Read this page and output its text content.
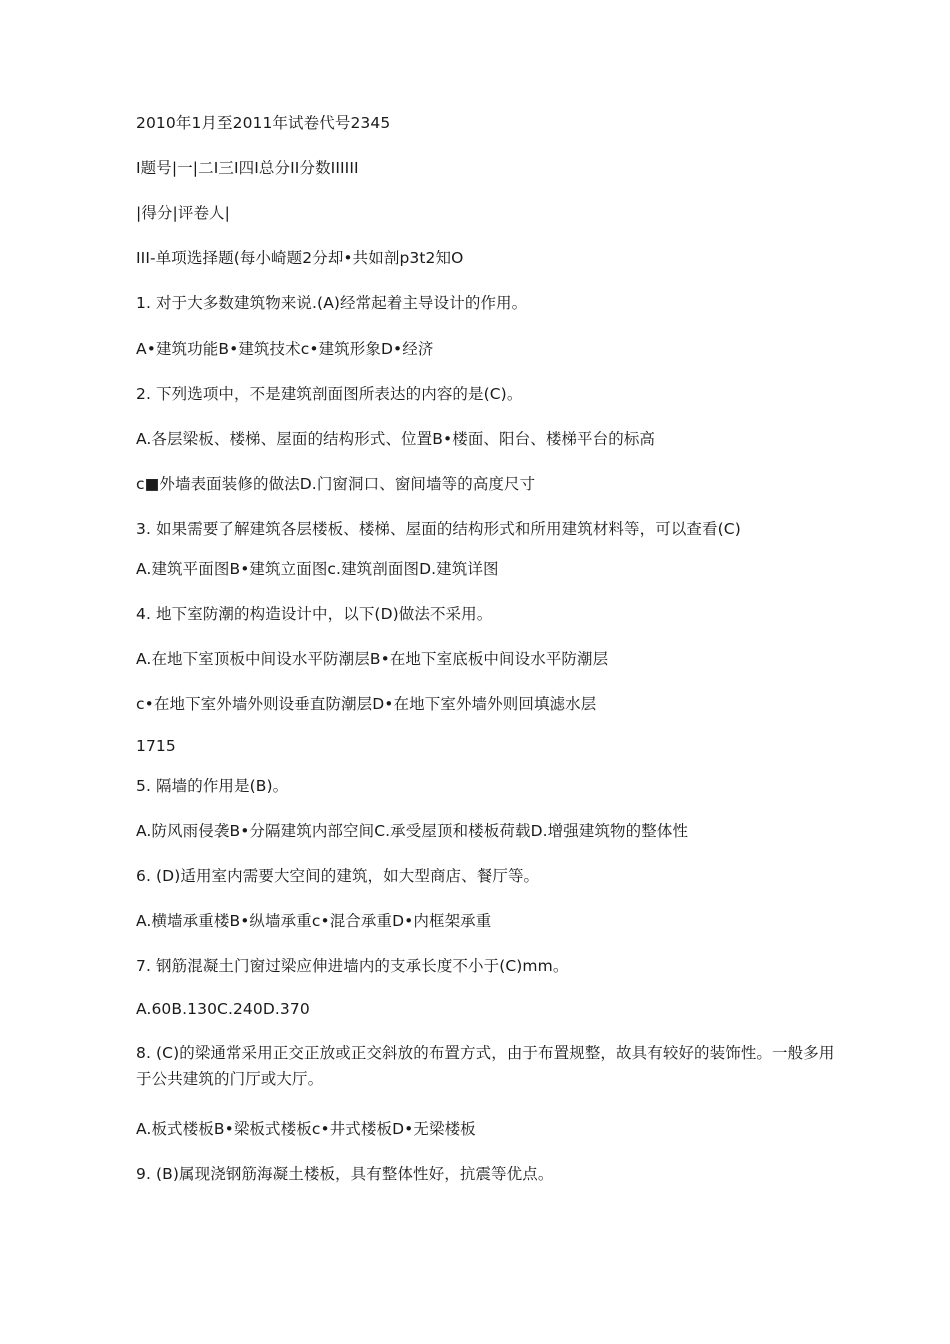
2010年1月至2011年试卷代号2345
I题号|一|二I三I四I总分II分数IIIIII
|得分|评卷人|
III-单项选择题(每小崎题2分却•共如剖p3t2知O
1. 对于大多数建筑物来说.(A)经常起着主导设计的作用。
A•建筑功能B•建筑技术c•建筑形象D•经济
2. 下列选项中，不是建筑剖面图所表达的内容的是(C)。
A.各层梁板、楼梯、屋面的结构形式、位置B•楼面、阳台、楼梯平台的标高
c■外墙表面装修的做法D.门窗洞口、窗间墙等的高度尺寸
3. 如果需要了解建筑各层楼板、楼梯、屋面的结构形式和所用建筑材料等，可以查看(C)
A.建筑平面图B•建筑立面图c.建筑剖面图D.建筑详图
4. 地下室防潮的构造设计中，以下(D)做法不采用。
A.在地下室顶板中间设水平防潮层B•在地下室底板中间设水平防潮层
c•在地下室外墙外则设垂直防潮层D•在地下室外墙外则回填滤水层
1715
5. 隔墙的作用是(B)。
A.防风雨侵袭B•分隔建筑内部空间C.承受屋顶和楼板荷载D.增强建筑物的整体性
6. (D)适用室内需要大空间的建筑，如大型商店、餐厅等。
A.横墙承重楼B•纵墙承重c•混合承重D•内框架承重
7. 钢筋混凝土门窗过梁应伸进墙内的支承长度不小于(C)mm。
A.60B.130C.240D.370
8. (C)的梁通常采用正交正放或正交斜放的布置方式，由于布置规整，故具有较好的装饰性。一般多用于公共建筑的门厅或大厅。
A.板式楼板B•梁板式楼板c•井式楼板D•无梁楼板
9. (B)属现浇钢筋海凝土楼板，具有整体性好，抗震等优点。
